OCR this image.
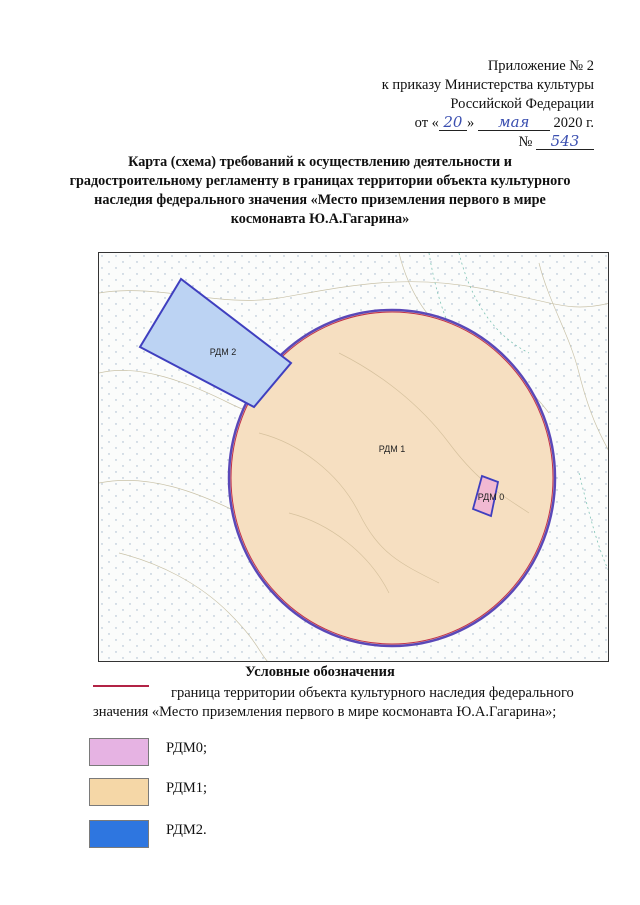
Приложение № 2
к приказу Министерства культуры
Российской Федерации
от « 20 » мая 2020 г.
№ 543
Карта (схема) требований к осуществлению деятельности и градостроительному регламенту в границах территории объекта культурного наследия федерального значения «Место приземления первого в мире космонавта Ю.А.Гагарина»
РДМ 2
РДМ 1
РДМ 0
Условные обозначения
граница территории объекта культурного наследия федерального значения «Место приземления первого в мире космонавта Ю.А.Гагарина»;
РДМ0;
РДМ1;
РДМ2.
